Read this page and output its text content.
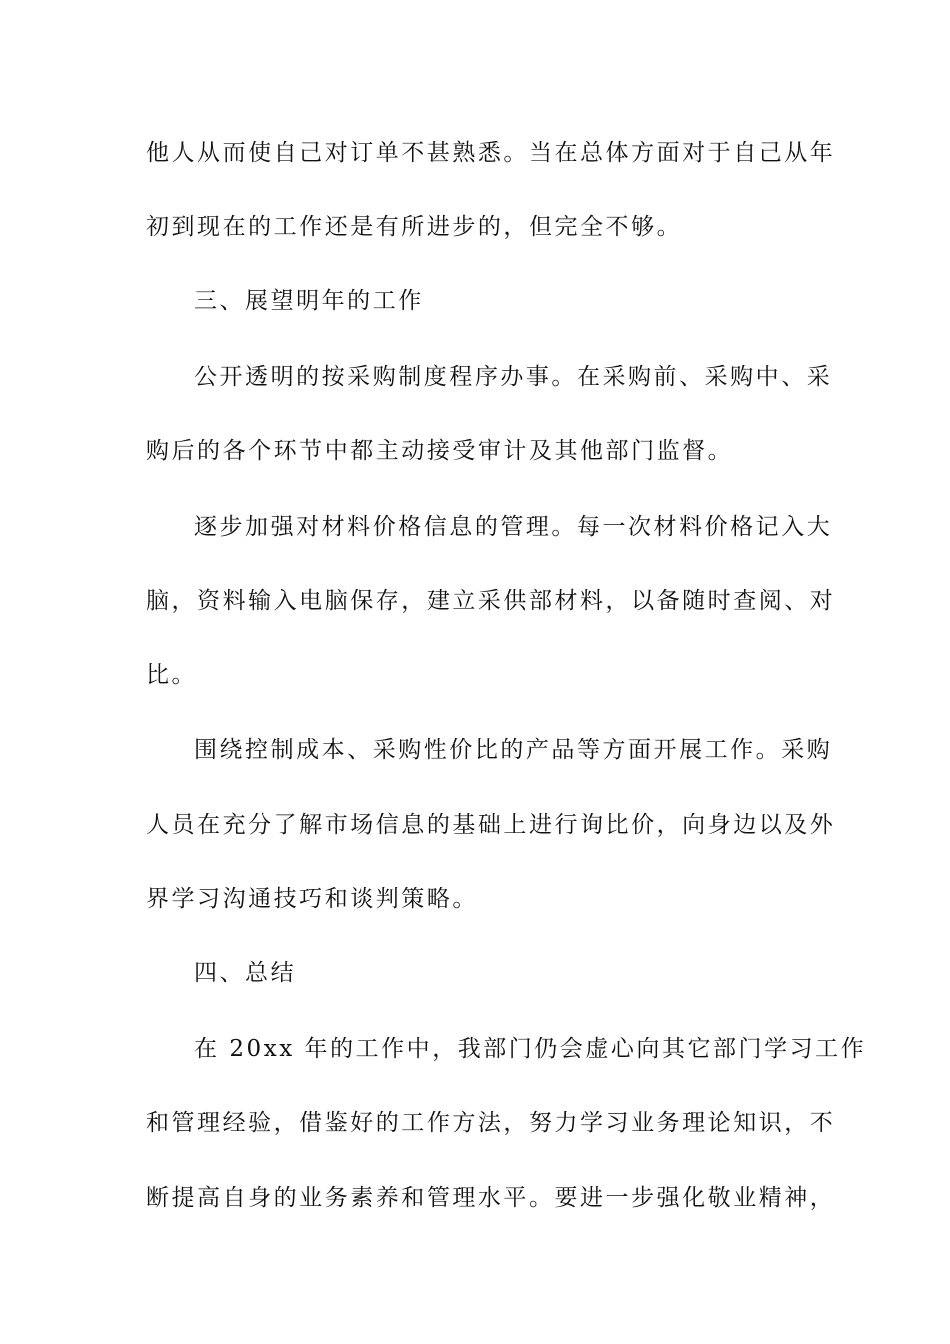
他人从而使自己对订单不甚熟悉。当在总体方面对于自己从年
初到现在的工作还是有所进步的，但完全不够。
三、展望明年的工作
公开透明的按采购制度程序办事。在采购前、采购中、采
购后的各个环节中都主动接受审计及其他部门监督。
逐步加强对材料价格信息的管理。每一次材料价格记入大
脑，资料输入电脑保存，建立采供部材料，以备随时查阅、对
比。
围绕控制成本、采购性价比的产品等方面开展工作。采购
人员在充分了解市场信息的基础上进行询比价，向身边以及外
界学习沟通技巧和谈判策略。
四、总结
在 20xx 年的工作中，我部门仍会虚心向其它部门学习工作
和管理经验，借鉴好的工作方法，努力学习业务理论知识，不
断提高自身的业务素养和管理水平。要进一步强化敬业精神，
